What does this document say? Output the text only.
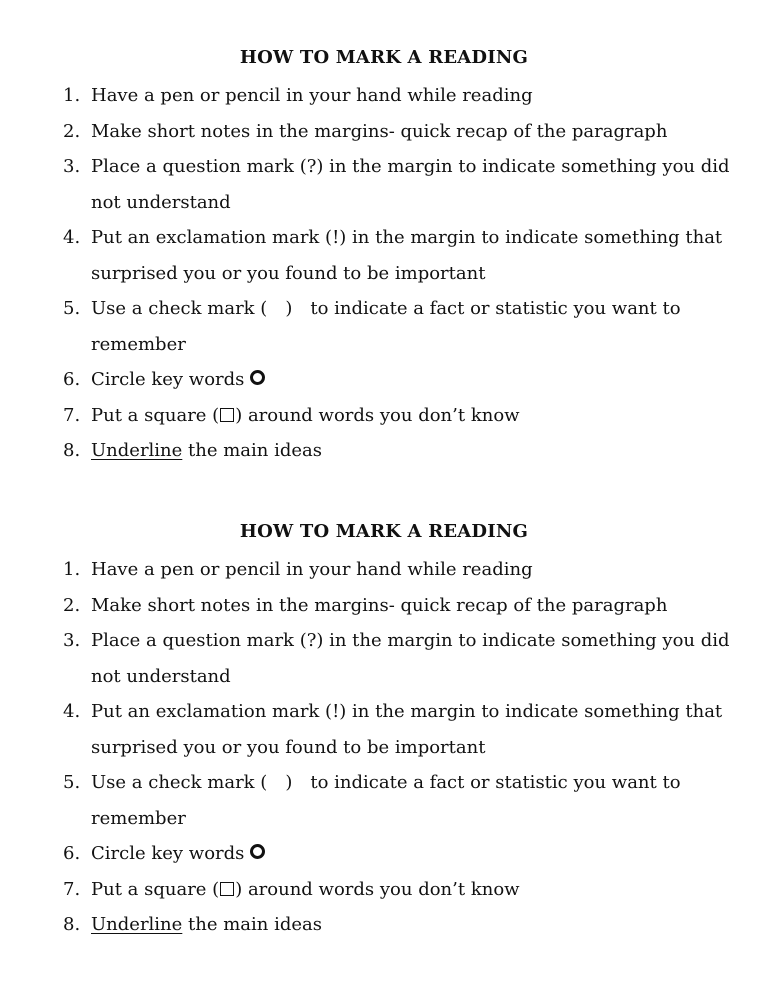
HOW TO MARK A READING
1. Have a pen or pencil in your hand while reading
2. Make short notes in the margins- quick recap of the paragraph
3. Place a question mark (?) in the margin to indicate something you did not understand
4. Put an exclamation mark (!) in the margin to indicate something that surprised you or you found to be important
5. Use a check mark ( ) to indicate a fact or statistic you want to remember
6. Circle key words
7. Put a square ( ) around words you don’t know
8. Underline the main ideas
HOW TO MARK A READING
1. Have a pen or pencil in your hand while reading
2. Make short notes in the margins- quick recap of the paragraph
3. Place a question mark (?) in the margin to indicate something you did not understand
4. Put an exclamation mark (!) in the margin to indicate something that surprised you or you found to be important
5. Use a check mark ( ) to indicate a fact or statistic you want to remember
6. Circle key words
7. Put a square ( ) around words you don’t know
8. Underline the main ideas
